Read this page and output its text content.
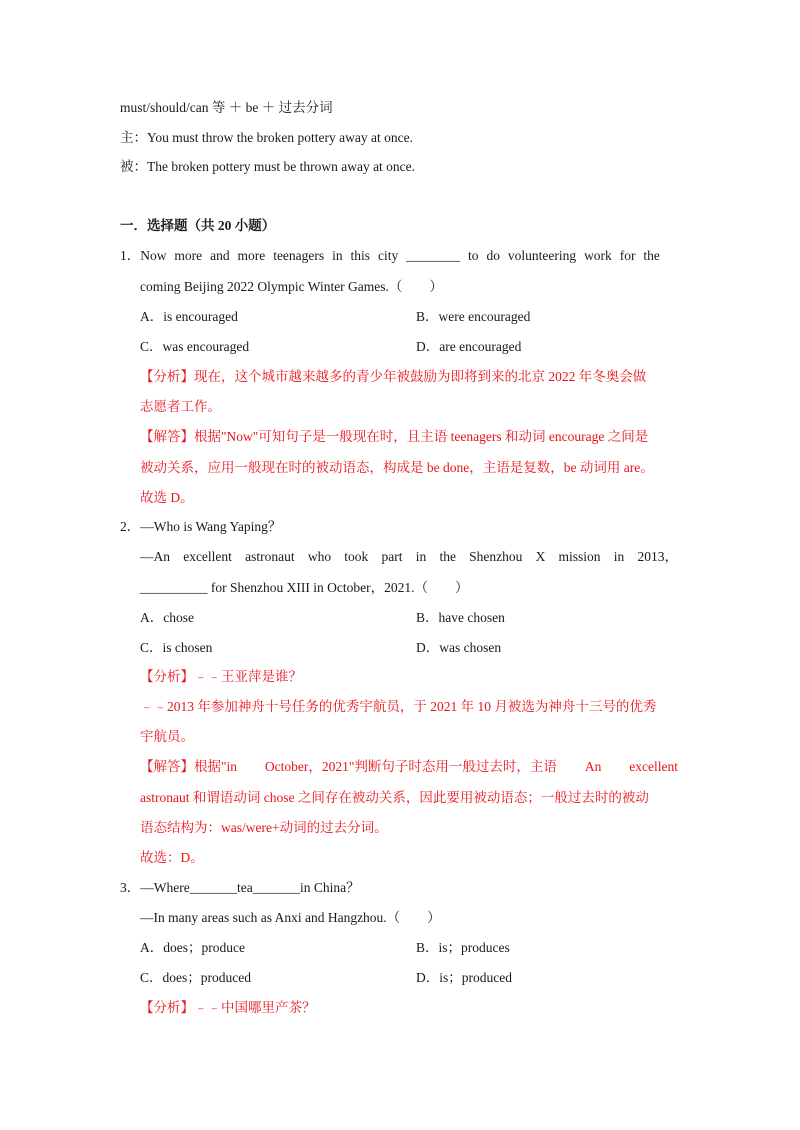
must/should/can 等 ＋ be ＋ 过去分词
主：You must throw the broken pottery away at once.
被：The broken pottery must be thrown away at once.
一．选择题（共 20 小题）
1．Now more and more teenagers in this city ________ to do volunteering work for the
coming Beijing 2022 Olympic Winter Games.（　　）
A．is encouraged	B．were encouraged
C．was encouraged	D．are encouraged
【分析】现在，这个城市越来越多的青少年被鼓励为即将到来的北京 2022 年冬奥会做
志愿者工作。
【解答】根据"Now"可知句子是一般现在时，且主语 teenagers 和动词 encourage 之间是
被动关系，应用一般现在时的被动语态，构成是 be done，主语是复数，be 动词用 are。
故选 D。
2．—Who is Wang Yaping？
—An excellent astronaut who took part in the Shenzhou X mission in 2013，
__________ for Shenzhou XIII in October，2021.（　　）
A．chose	B．have chosen
C．is chosen	D．was chosen
【分析】﹣﹣王亚萍是谁？
﹣﹣2013 年参加神舟十号任务的优秀宇航员，于 2021 年 10 月被选为神舟十三号的优秀
宇航员。
【解答】根据"in October，2021"判断句子时态用一般过去时，主语 An excellent
astronaut 和谓语动词 chose 之间存在被动关系，因此要用被动语态；一般过去时的被动
语态结构为：was/were+动词的过去分词。
故选：D。
3．—Where_______tea_______in China？
—In many areas such as Anxi and Hangzhou.（　　）
A．does；produce	B．is；produces
C．does；produced	D．is；produced
【分析】﹣﹣中国哪里产茶？
